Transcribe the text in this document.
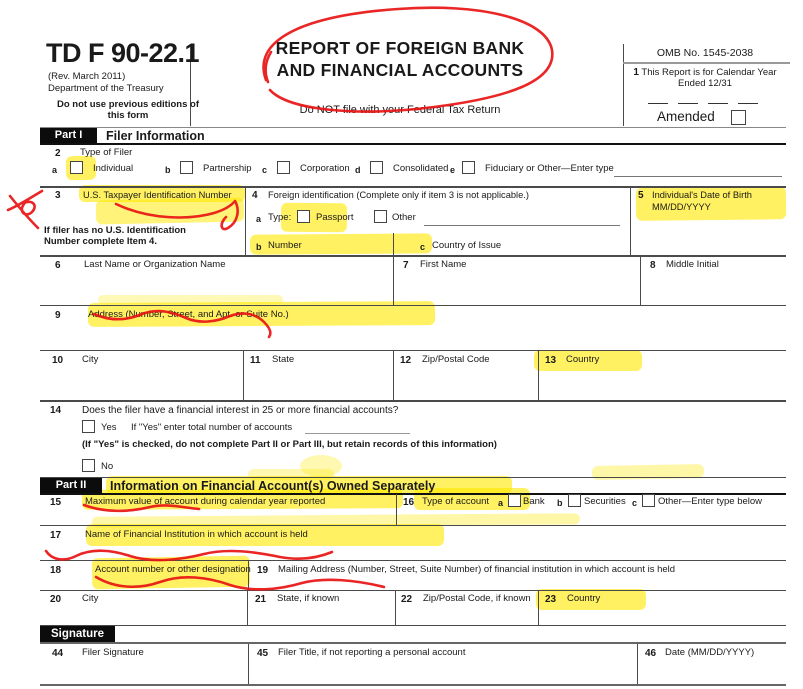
TD F 90-22.1
(Rev. March 2011)
Department of the Treasury
Do not use previous editions of this form
REPORT OF FOREIGN BANK
AND FINANCIAL ACCOUNTS
Do NOT file with your Federal Tax Return
OMB No. 1545-2038
1 This Report is for Calendar Year Ended 12/31
Amended
Part I	Filer Information
2 Type of Filer
a	Individual	b	Partnership c	Corporation d	Consolidated e	Fiduciary or Other—Enter type
3 U.S. Taxpayer Identification Number
If filer has no U.S. Identification Number complete Item 4.
4 Foreign identification (Complete only if item 3 is not applicable.)
a Type:	Passport	Other
b Number	c Country of Issue
5 Individual's Date of Birth
MM/DD/YYYY
6 Last Name or Organization Name	7 First Name	8 Middle Initial
9	Address (Number, Street, and Apt. or Suite No.)
10 City	11 State	12 Zip/Postal Code	13 Country
14 Does the filer have a financial interest in 25 or more financial accounts?
Yes If "Yes" enter total number of accounts
(If "Yes" is checked, do not complete Part II or Part III, but retain records of this information)
No
Part II	Information on Financial Account(s) Owned Separately
15	Maximum value of account during calendar year reported	16 Type of account a Bank b Securities c Other—Enter type below
17	Name of Financial Institution in which account is held
18	Account number or other designation 19 Mailing Address (Number, Street, Suite Number) of financial institution in which account is held
20 City	21 State, if known	22 Zip/Postal Code, if known 23 Country
Signature
44 Filer Signature	45 Filer Title, if not reporting a personal account	46 Date (MM/DD/YYYY)
